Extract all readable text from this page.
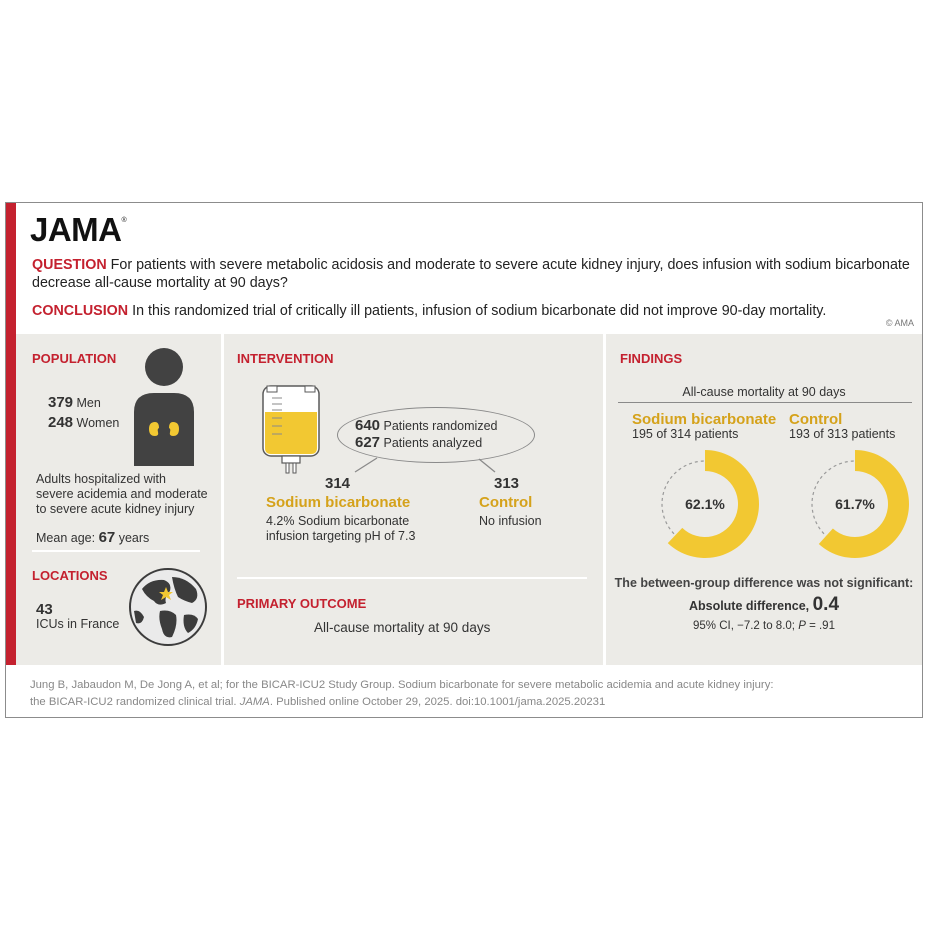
JAMA®
QUESTION For patients with severe metabolic acidosis and moderate to severe acute kidney injury, does infusion with sodium bicarbonate decrease all-cause mortality at 90 days?
CONCLUSION In this randomized trial of critically ill patients, infusion of sodium bicarbonate did not improve 90-day mortality.
© AMA
POPULATION
379 Men
248 Women
Adults hospitalized with
severe acidemia and moderate
to severe acute kidney injury
Mean age: 67 years
LOCATIONS
43
ICUs in France
INTERVENTION
640 Patients randomized
627 Patients analyzed
314
Sodium bicarbonate
4.2% Sodium bicarbonate
infusion targeting pH of 7.3
313
Control
No infusion
PRIMARY OUTCOME
All-cause mortality at 90 days
FINDINGS
All-cause mortality at 90 days
Sodium bicarbonate
195 of 314 patients
Control
193 of 313 patients
62.1%	61.7%
The between-group difference was not significant:
Absolute difference, 0.4
95% CI, −7.2 to 8.0; P = .91
Jung B, Jabaudon M, De Jong A, et al; for the BICAR-ICU2 Study Group. Sodium bicarbonate for severe metabolic acidemia and acute kidney injury:
the BICAR-ICU2 randomized clinical trial. JAMA. Published online October 29, 2025. doi:10.1001/jama.2025.20231
